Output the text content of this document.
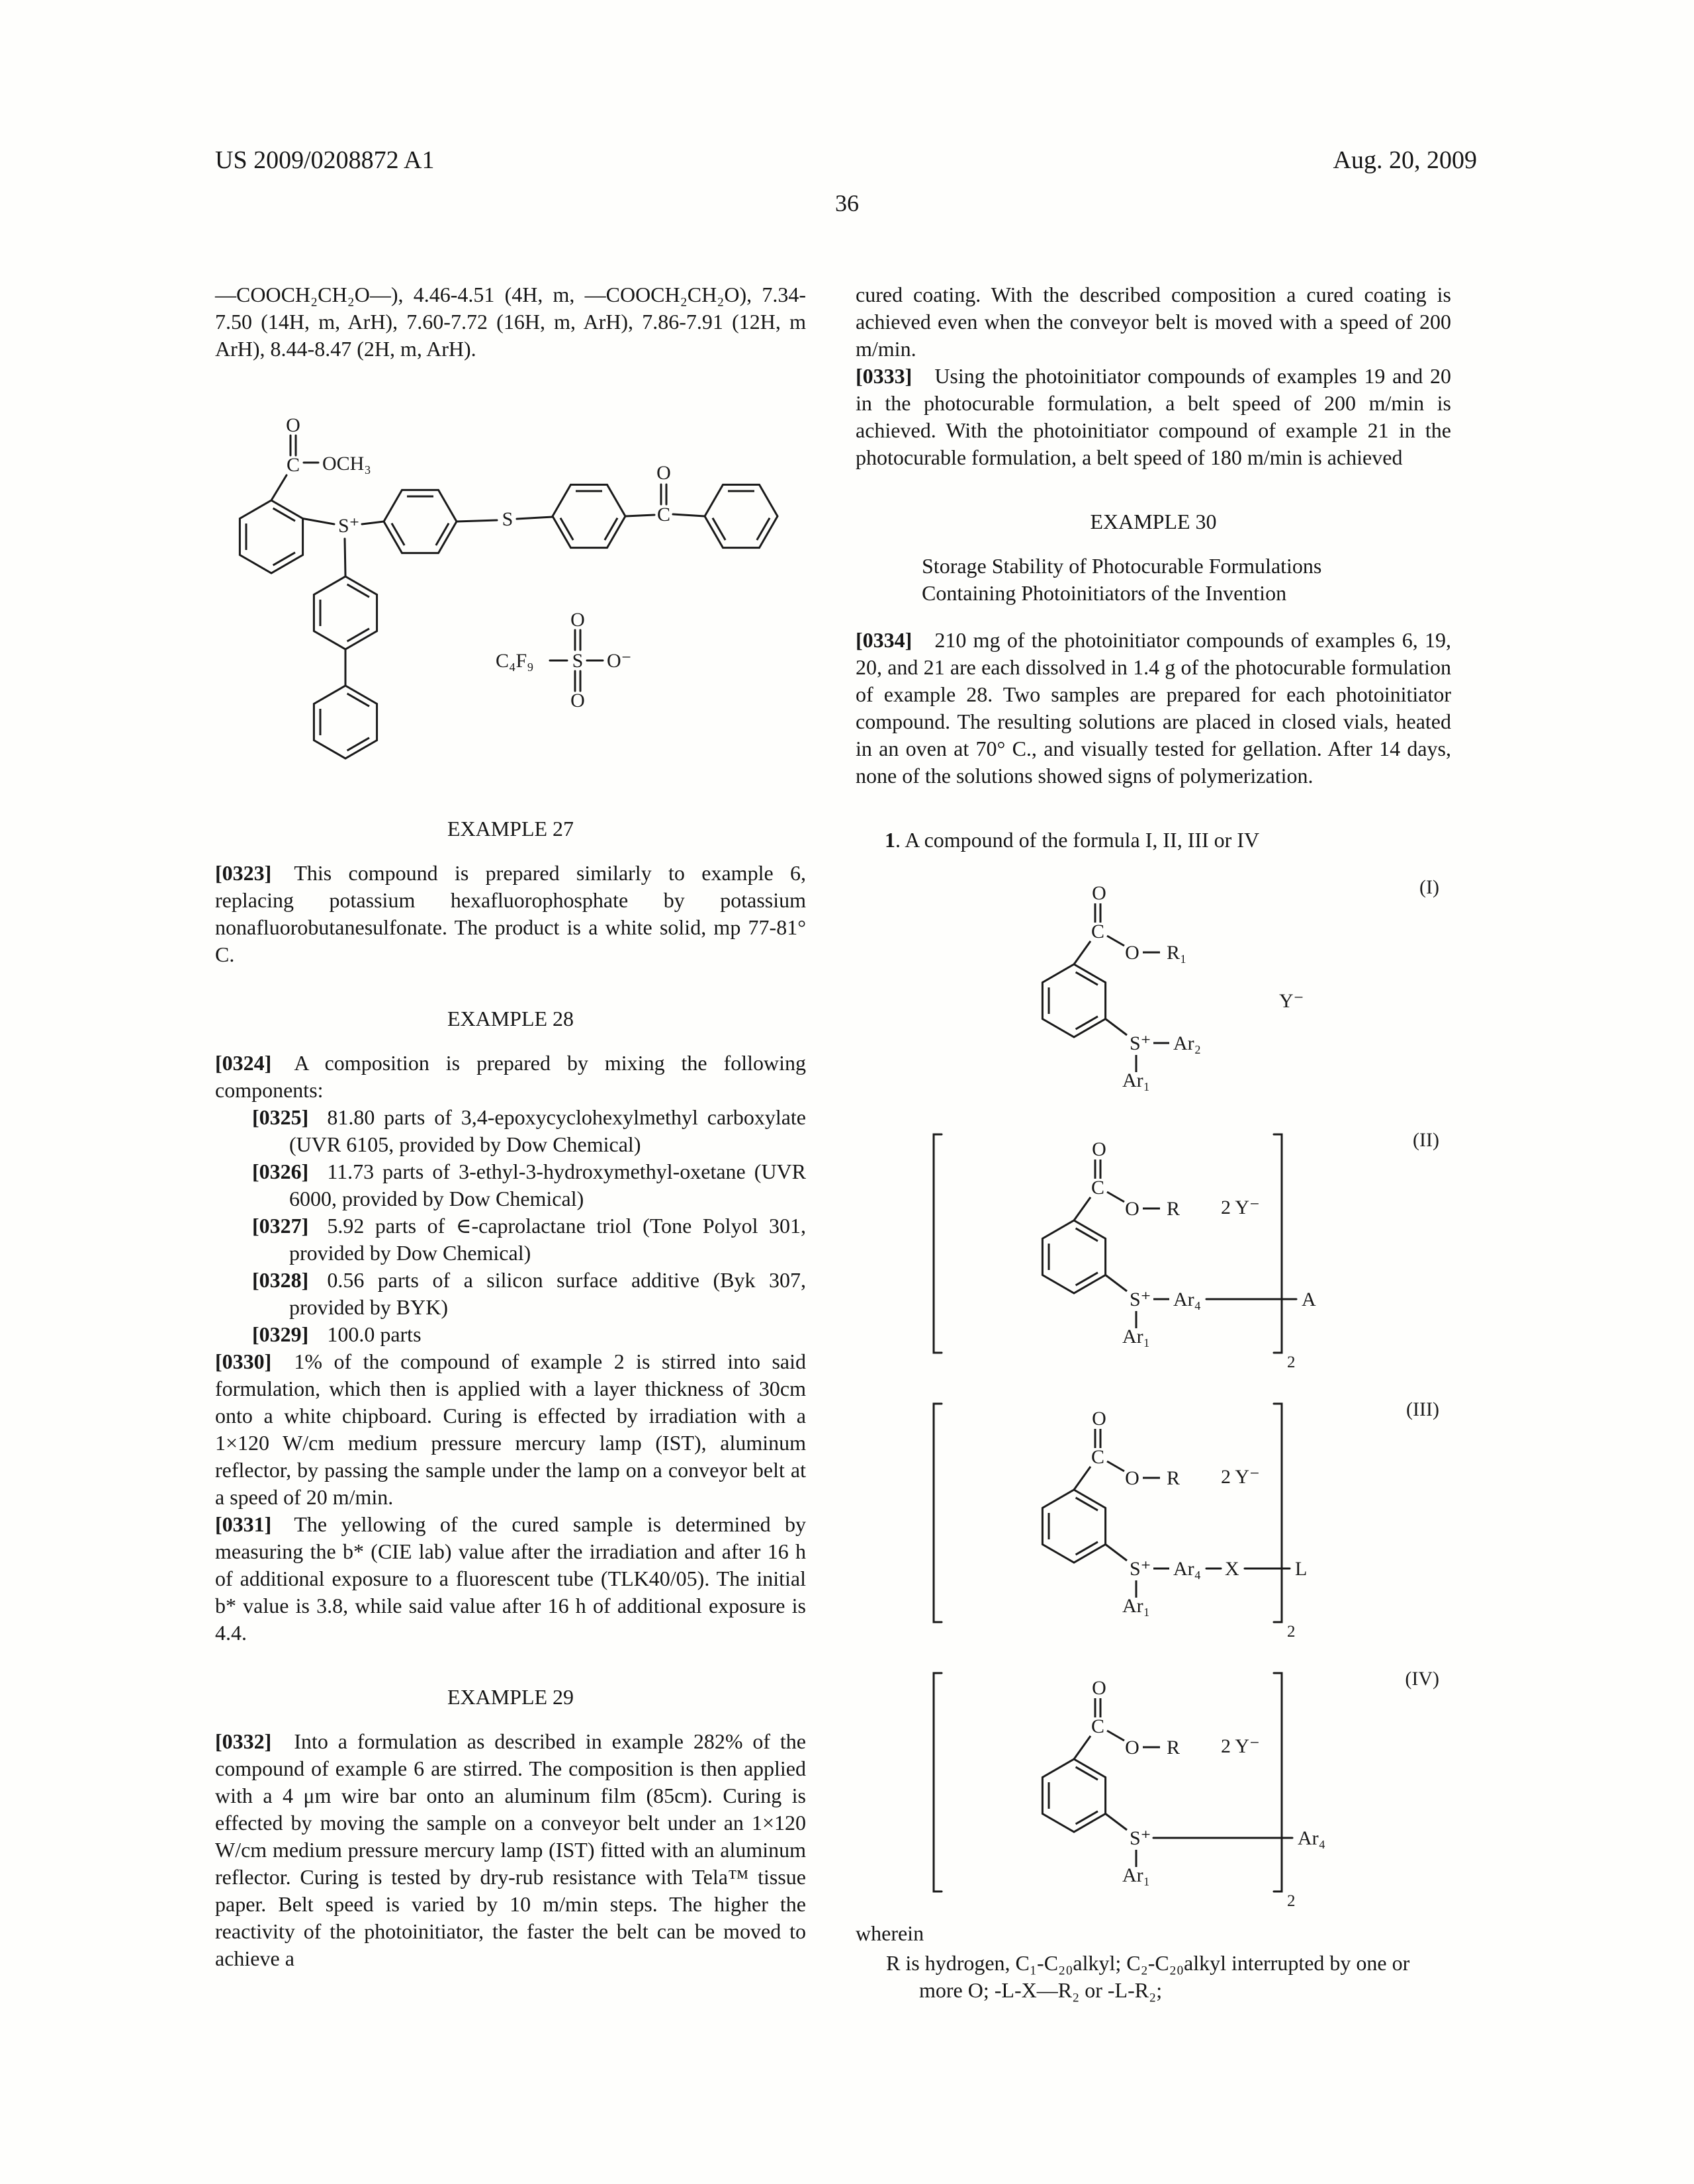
US 2009/0208872 A1	Aug. 20, 2009
36

—COOCH₂CH₂O—), 4.46-4.51 (4H, m, —COOCH₂CH₂O), 7.34-7.50 (14H, m, ArH), 7.60-7.72 (16H, m, ArH), 7.86-7.91 (12H, m ArH), 8.44-8.47 (2H, m, ArH).

C
O
OCH₃
S⁺	S	C
O
C₄F₉ S
O
O
O⁻
EXAMPLE 27

[0323] This compound is prepared similarly to example 6, replacing potassium hexafluorophosphate by potassium nonafluorobutanesulfonate. The product is a white solid, mp 77-81° C.

EXAMPLE 28

[0324] A composition is prepared by mixing the following components:

[0325] 81.80 parts of 3,4-epoxycyclohexylmethyl carboxylate (UVR 6105, provided by Dow Chemical)

[0326] 11.73 parts of 3-ethyl-3-hydroxymethyl-oxetane (UVR 6000, provided by Dow Chemical)

[0327] 5.92 parts of ∈-caprolactane triol (Tone Polyol 301, provided by Dow Chemical)

[0328] 0.56 parts of a silicon surface additive (Byk 307, provided by BYK)

[0329] 100.0 parts

[0330] 1% of the compound of example 2 is stirred into said formulation, which then is applied with a layer thickness of 30cm onto a white chipboard. Curing is effected by irradiation with a 1×120 W/cm medium pressure mercury lamp (IST), aluminum reflector, by passing the sample under the lamp on a conveyor belt at a speed of 20 m/min.

[0331] The yellowing of the cured sample is determined by measuring the b* (CIE lab) value after the irradiation and after 16 h of additional exposure to a fluorescent tube (TLK40/05). The initial b* value is 3.8, while said value after 16 h of additional exposure is 4.4.

EXAMPLE 29

[0332] Into a formulation as described in example 282% of the compound of example 6 are stirred. The composition is then applied with a 4 μm wire bar onto an aluminum film (85cm). Curing is effected by moving the sample on a conveyor belt under an 1×120 W/cm medium pressure mercury lamp (IST) fitted with an aluminum reflector. Curing is tested by dry-rub resistance with Tela™ tissue paper. Belt speed is varied by 10 m/min steps. The higher the reactivity of the photoinitiator, the faster the belt can be moved to achieve a

cured coating. With the described composition a cured coating is achieved even when the conveyor belt is moved with a speed of 200 m/min.

[0333] Using the photoinitiator compounds of examples 19 and 20 in the photocurable formulation, a belt speed of 200 m/min is achieved. With the photoinitiator compound of example 21 in the photocurable formulation, a belt speed of 180 m/min is achieved

EXAMPLE 30

Storage Stability of Photocurable Formulations Containing Photoinitiators of the Invention

[0334] 210 mg of the photoinitiator compounds of examples 6, 19, 20, and 21 are each dissolved in 1.4 g of the photocurable formulation of example 28. Two samples are prepared for each photoinitiator compound. The resulting solutions are placed in closed vials, heated in an oven at 70° C., and visually tested for gellation. After 14 days, none of the solutions showed signs of polymerization.

1. A compound of the formula I, II, III or IV

C
O
O R₁
S⁺ Ar₂
Ar₁
Y⁻
(I)
C
O
O R
S⁺ Ar₄	A
Ar₁
2 Y⁻
2
(II)
C
O
O R
S⁺ Ar₄ X	L
Ar₁
2 Y⁻
2
(III)
C
O
O R
S⁺	Ar₄
Ar₁
2 Y⁻
2
(IV)

wherein

R is hydrogen, C₁-C₂₀alkyl; C₂-C₂₀alkyl interrupted by one or more O; -L-X—R₂ or -L-R₂;
